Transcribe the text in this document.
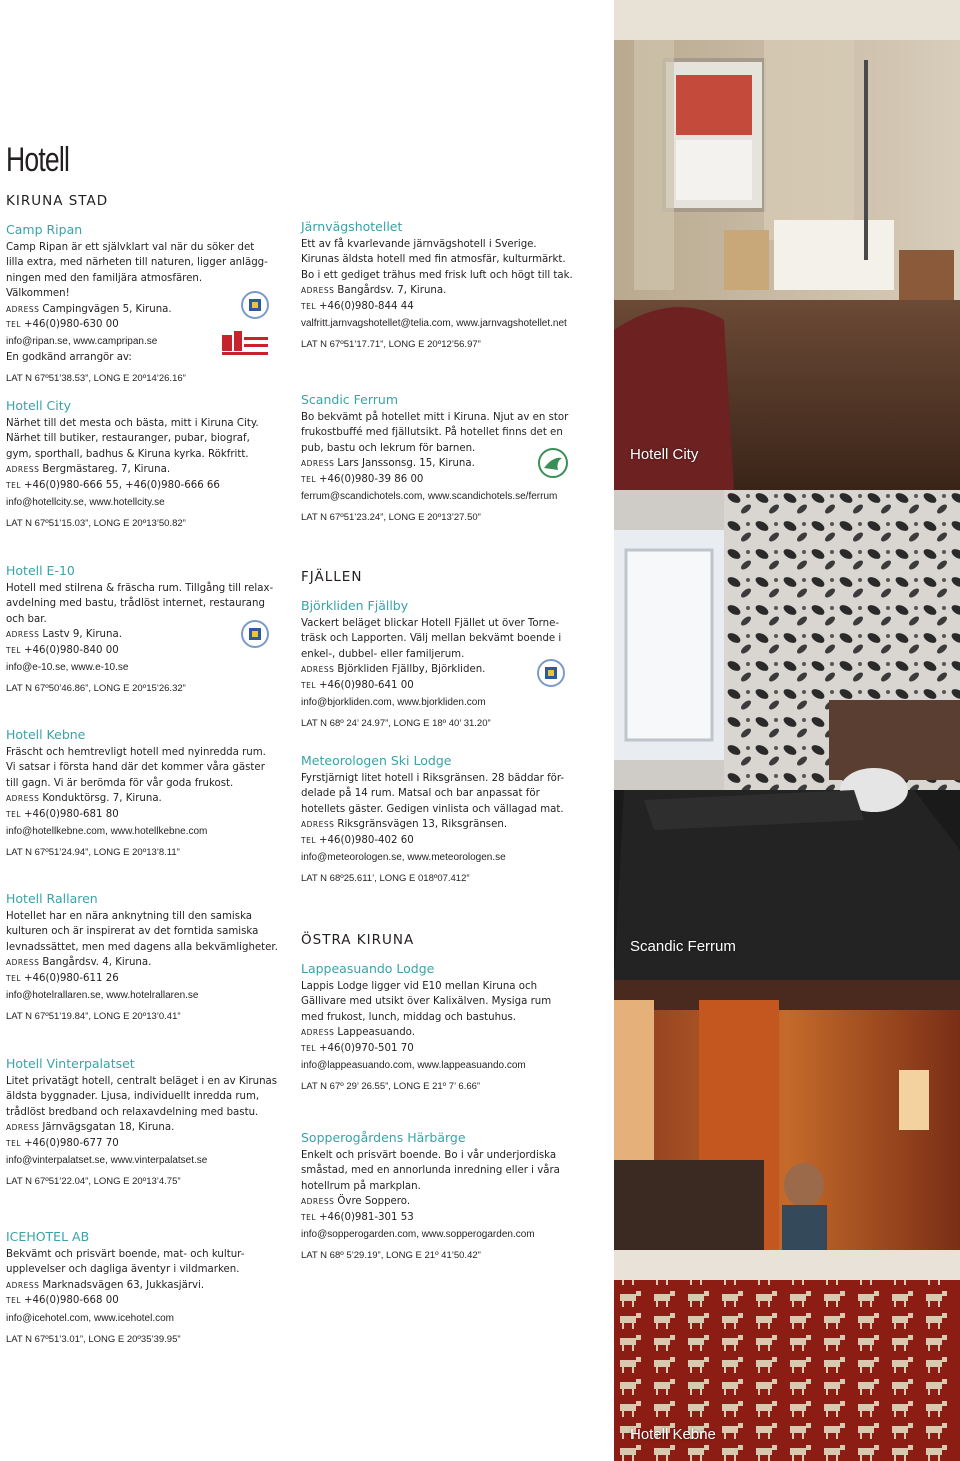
Hotell
KIRUNA STAD
FJÄLLEN
ÖSTRA KIRUNA
Camp Ripan

Camp Ripan är ett självklart val när du söker det lilla extra, med närheten till naturen, ligger anlägg- ningen med den familjära atmosfären. Välkommen!

ADRESS Campingvägen 5, Kiruna.
TEL +46(0)980-630 00
info@ripan.se, www.campripan.se
En godkänd arrangör av:
LAT N 67º51’38.53”, LONG E 20º14’26.16”
Järnvägshotellet

Ett av få kvarlevande järnvägshotell i Sverige. Kirunas äldsta hotell med fin atmosfär, kulturmärkt. Bo i ett gediget trähus med frisk luft och högt till tak.

ADRESS Bangårdsv. 7, Kiruna.
TEL +46(0)980-844 44
valfritt.jarnvagshotellet@telia.com, www.jarnvagshotellet.net
LAT N 67º51’17.71”, LONG E 20º12’56.97”
Hotell City

Närhet till det mesta och bästa, mitt i Kiruna City. Närhet till butiker, restauranger, pubar, biograf, gym, sporthall, badhus & Kiruna kyrka. Rökfritt.

ADRESS Bergmästareg. 7, Kiruna.
TEL +46(0)980-666 55, +46(0)980-666 66
info@hotellcity.se, www.hotellcity.se
LAT N 67º51’15.03”, LONG E 20º13’50.82”
Scandic Ferrum

Bo bekvämt på hotellet mitt i Kiruna. Njut av en stor frukostbuffé med fjällutsikt. På hotellet finns det en pub, bastu och lekrum för barnen.

ADRESS Lars Janssonsg. 15, Kiruna.
TEL +46(0)980-39 86 00
ferrum@scandichotels.com, www.scandichotels.se/ferrum
LAT N 67º51’23.24”, LONG E 20º13’27.50”
Hotell E-10

Hotell med stilrena & fräscha rum. Tillgång till relax- avdelning med bastu, trådlöst internet, restaurang och bar.

ADRESS Lastv 9, Kiruna.
TEL +46(0)980-840 00
info@e-10.se, www.e-10.se
LAT N 67º50’46.86”, LONG E 20º15’26.32”
Björkliden Fjällby

Vackert beläget blickar Hotell Fjället ut över Torne- träsk och Lapporten. Välj mellan bekvämt boende i enkel-, dubbel- eller familjerum.

ADRESS Björkliden Fjällby, Björkliden.
TEL +46(0)980-641 00
info@bjorkliden.com, www.bjorkliden.com
LAT N 68º 24’ 24.97”, LONG E 18º 40’ 31.20”
Hotell Kebne

Fräscht och hemtrevligt hotell med nyinredda rum. Vi satsar i första hand där det kommer våra gäster till gagn. Vi är berömda för vår goda frukost.

ADRESS Konduktörsg. 7, Kiruna.
TEL +46(0)980-681 80
info@hotellkebne.com, www.hotellkebne.com
LAT N 67º51’24.94”, LONG E 20º13’8.11”
Meteorologen Ski Lodge

Fyrstjärnigt litet hotell i Riksgränsen. 28 bäddar för-delade på 14 rum. Matsal och bar anpassat för hotellets gäster. Gedigen vinlista och vällagad mat.

ADRESS Riksgränsvägen 13, Riksgränsen.
TEL +46(0)980-402 60
info@meteorologen.se, www.meteorologen.se
LAT N 68º25.611’, LONG E 018º07.412”
Hotell Rallaren

Hotellet har en nära anknytning till den samiska kulturen och är inspirerat av det forntida samiska levnadssättet, men med dagens alla bekvämligheter.

ADRESS Bangårdsv. 4, Kiruna.
TEL +46(0)980-611 26
info@hotelrallaren.se, www.hotelrallaren.se
LAT N 67º51’19.84”, LONG E 20º13’0.41”
Lappeasuando Lodge

Lappis Lodge ligger vid E10 mellan Kiruna och Gällivare med utsikt över Kalixälven. Mysiga rum med frukost, lunch, middag och bastuhus.

ADRESS Lappeasuando.
TEL +46(0)970-501 70
info@lappeasuando.com, www.lappeasuando.com
LAT N 67º 29’ 26.55”, LONG E 21º 7’ 6.66”
Hotell Vinterpalatset

Litet privatägt hotell, centralt beläget i en av Kirunas äldsta byggnader. Ljusa, individuellt inredda rum, trådlöst bredband och relaxavdelning med bastu.

ADRESS Järnvägsgatan 18, Kiruna.
TEL +46(0)980-677 70
info@vinterpalatset.se, www.vinterpalatset.se
LAT N 67º51’22.04”, LONG E 20º13’4.75”
Sopperogårdens Härbärge

Enkelt och prisvärt boende. Bo i vår underjordiska småstad, med en annorlunda inredning eller i våra hotellrum på markplan.

ADRESS Övre Soppero.
TEL +46(0)981-301 53
info@sopperogarden.com, www.sopperogarden.com
LAT N 68º 5’29.19”, LONG E 21º 41’50.42”
ICEHOTEL AB

Bekvämt och prisvärt boende, mat- och kultur- upplevelser och dagliga äventyr i vildmarken.

ADRESS Marknadsvägen 63, Jukkasjärvi.
TEL +46(0)980-668 00
info@icehotel.com, www.icehotel.com
LAT N 67º51’3.01”, LONG E 20º35’39.95”
Hotell City
Scandic Ferrum
Hotell Kebne
